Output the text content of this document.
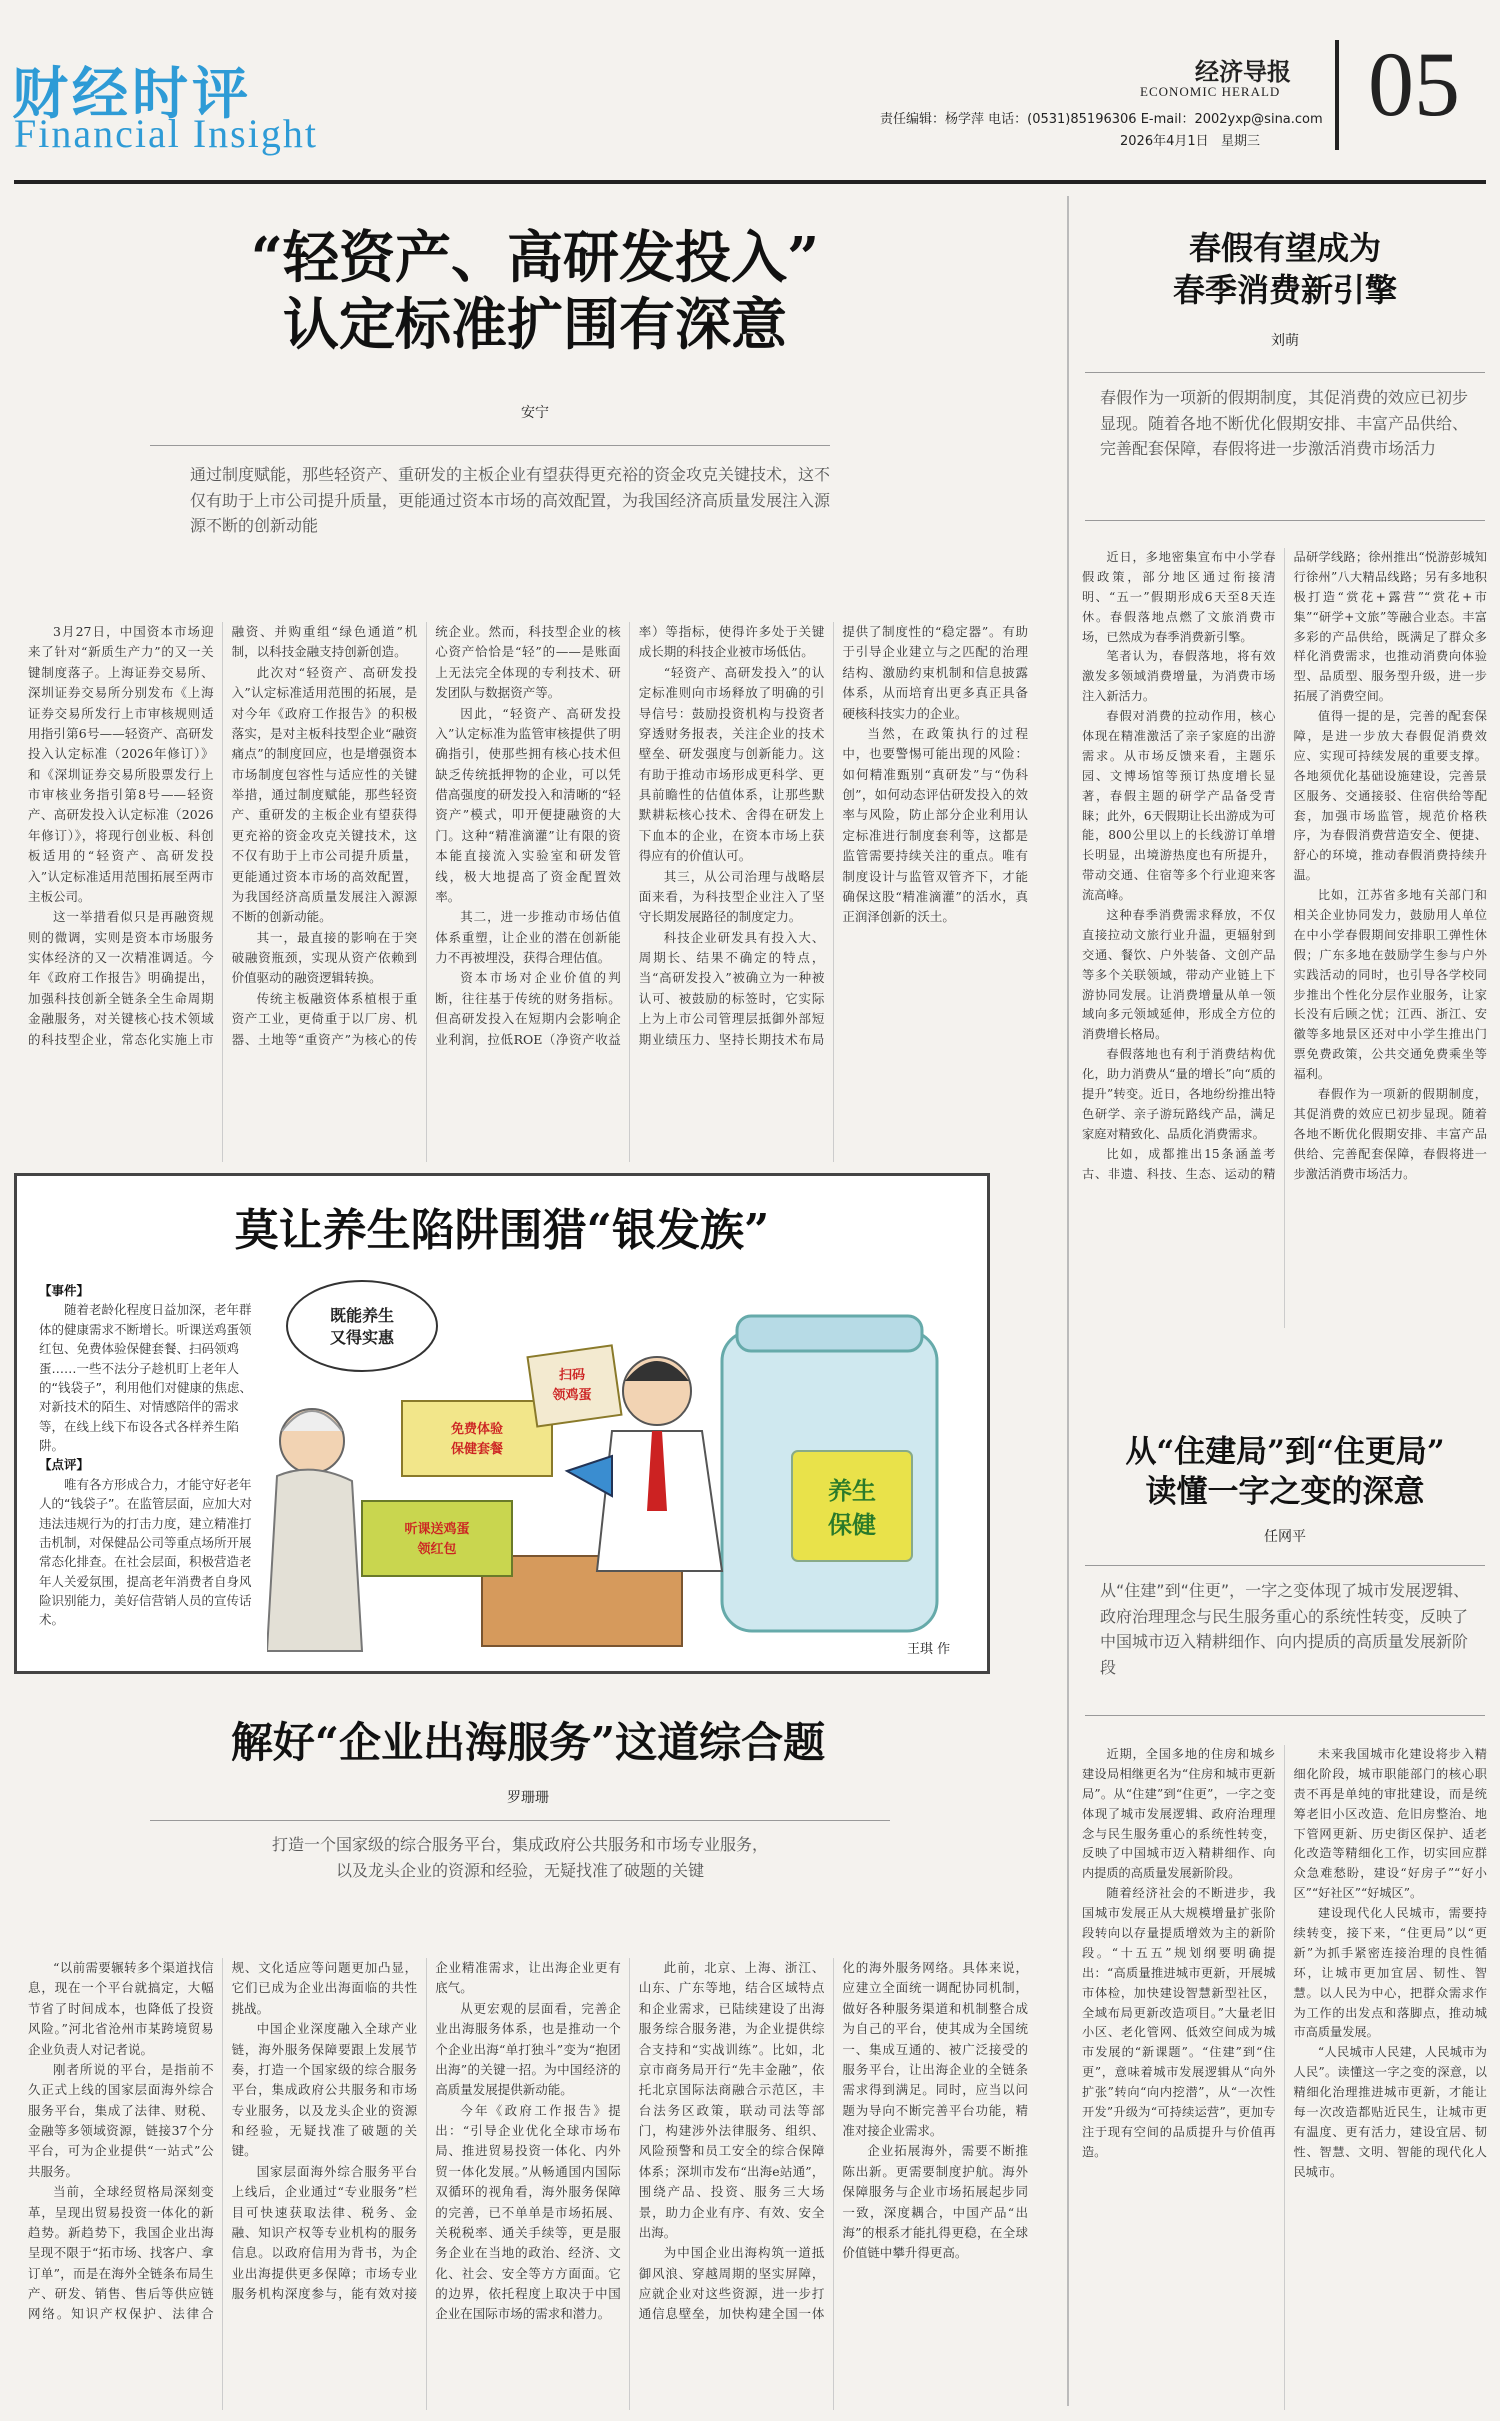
财经时评
Financial Insight
经济导报
ECONOMIC HERALD
责任编辑：杨学萍 电话：(0531)85196306 E-mail：2002yxp@sina.com
2026年4月1日 星期三
05
“轻资产、高研发投入”
认定标准扩围有深意
安宁
通过制度赋能，那些轻资产、重研发的主板企业有望获得更充裕的资金攻克关键技术，这不仅有助于上市公司提升质量，更能通过资本市场的高效配置，为我国经济高质量发展注入源源不断的创新动能

3月27日，中国资本市场迎来了针对“新质生产力”的又一关键制度落子。上海证券交易所、深圳证券交易所分别发布《上海证券交易所发行上市审核规则适用指引第6号——轻资产、高研发投入认定标准（2026年修订）》和《深圳证券交易所股票发行上市审核业务指引第8号——轻资产、高研发投入认定标准（2026年修订）》，将现行创业板、科创板适用的“轻资产、高研发投入”认定标准适用范围拓展至两市主板公司。

这一举措看似只是再融资规则的微调，实则是资本市场服务实体经济的又一次精准调适。今年《政府工作报告》明确提出，加强科技创新全链条全生命周期金融服务，对关键核心技术领域的科技型企业，常态化实施上市融资、并购重组“绿色通道”机制，以科技金融支持创新创造。

此次对“轻资产、高研发投入”认定标准适用范围的拓展，是对今年《政府工作报告》的积极落实，是对主板科技型企业“融资痛点”的制度回应，也是增强资本市场制度包容性与适应性的关键举措，通过制度赋能，那些轻资产、重研发的主板企业有望获得更充裕的资金攻克关键技术，这不仅有助于上市公司提升质量，更能通过资本市场的高效配置，为我国经济高质量发展注入源源不断的创新动能。

其一，最直接的影响在于突破融资瓶颈，实现从资产依赖到价值驱动的融资逻辑转换。

传统主板融资体系植根于重资产工业，更倚重于以厂房、机器、土地等“重资产”为核心的传统企业。然而，科技型企业的核心资产恰恰是“轻”的——是账面上无法完全体现的专利技术、研发团队与数据资产等。

因此，“轻资产、高研发投入”认定标准为监管审核提供了明确指引，使那些拥有核心技术但缺乏传统抵押物的企业，可以凭借高强度的研发投入和清晰的“轻资产”模式，叩开便捷融资的大门。这种“精准滴灌”让有限的资本能直接流入实验室和研发管线，极大地提高了资金配置效率。

其二，进一步推动市场估值体系重塑，让企业的潜在创新能力不再被埋没，获得合理估值。

资本市场对企业价值的判断，往往基于传统的财务指标。但高研发投入在短期内会影响企业利润，拉低ROE（净资产收益率）等指标，使得许多处于关键成长期的科技企业被市场低估。

“轻资产、高研发投入”的认定标准则向市场释放了明确的引导信号：鼓励投资机构与投资者穿透财务报表，关注企业的技术壁垒、研发强度与创新能力。这有助于推动市场形成更科学、更具前瞻性的估值体系，让那些默默耕耘核心技术、舍得在研发上下血本的企业，在资本市场上获得应有的价值认可。

其三，从公司治理与战略层面来看，为科技型企业注入了坚守长期发展路径的制度定力。

科技企业研发具有投入大、周期长、结果不确定的特点，当“高研发投入”被确立为一种被认可、被鼓励的标签时，它实际上为上市公司管理层抵御外部短期业绩压力、坚持长期技术布局提供了制度性的“稳定器”。有助于引导企业建立与之匹配的治理结构、激励约束机制和信息披露体系，从而培育出更多真正具备硬核科技实力的企业。

当然，在政策执行的过程中，也要警惕可能出现的风险：如何精准甄别“真研发”与“伪科创”，如何动态评估研发投入的效率与风险，防止部分企业利用认定标准进行制度套利等，这都是监管需要持续关注的重点。唯有制度设计与监管双管齐下，才能确保这股“精准滴灌”的活水，真正润泽创新的沃土。

春假有望成为
春季消费新引擎
刘萌
春假作为一项新的假期制度，其促消费的效应已初步显现。随着各地不断优化假期安排、丰富产品供给、完善配套保障，春假将进一步激活消费市场活力

近日，多地密集宣布中小学春假政策，部分地区通过衔接清明、“五一”假期形成6天至8天连休。春假落地点燃了文旅消费市场，已然成为春季消费新引擎。

笔者认为，春假落地，将有效激发多领域消费增量，为消费市场注入新活力。

春假对消费的拉动作用，核心体现在精准激活了亲子家庭的出游需求。从市场反馈来看，主题乐园、文博场馆等预订热度增长显著，春假主题的研学产品备受青睐；此外，6天假期让长出游成为可能，800公里以上的长线游订单增长明显，出境游热度也有所提升，带动交通、住宿等多个行业迎来客流高峰。

这种春季消费需求释放，不仅直接拉动文旅行业升温，更辐射到交通、餐饮、户外装备、文创产品等多个关联领域，带动产业链上下游协同发展。让消费增量从单一领域向多元领域延伸，形成全方位的消费增长格局。

春假落地也有利于消费结构优化，助力消费从“量的增长”向“质的提升”转变。近日，各地纷纷推出特色研学、亲子游玩路线产品，满足家庭对精致化、品质化消费需求。

比如，成都推出15条涵盖考古、非遗、科技、生态、运动的精品研学线路；徐州推出“悦游彭城知行徐州”八大精品线路；另有多地积极打造“赏花+露营”“赏花+市集”“研学+文旅”等融合业态。丰富多彩的产品供给，既满足了群众多样化消费需求，也推动消费向体验型、品质型、服务型升级，进一步拓展了消费空间。

值得一提的是，完善的配套保障，是进一步放大春假促消费效应、实现可持续发展的重要支撑。各地须优化基础设施建设，完善景区服务、交通接驳、住宿供给等配套，加强市场监管，规范价格秩序，为春假消费营造安全、便捷、舒心的环境，推动春假消费持续升温。

比如，江苏省多地有关部门和相关企业协同发力，鼓励用人单位在中小学春假期间安排职工弹性休假；广东多地在鼓励学生参与户外实践活动的同时，也引导各学校同步推出个性化分层作业服务，让家长没有后顾之忧；江西、浙江、安徽等多地景区还对中小学生推出门票免费政策，公共交通免费乘坐等福利。

春假作为一项新的假期制度，其促消费的效应已初步显现。随着各地不断优化假期安排、丰富产品供给、完善配套保障，春假将进一步激活消费市场活力。

莫让养生陷阱围猎“银发族”
【事件】

随着老龄化程度日益加深，老年群体的健康需求不断增长。听课送鸡蛋领红包、免费体验保健套餐、扫码领鸡蛋……一些不法分子趁机盯上老年人的“钱袋子”，利用他们对健康的焦虑、对新技术的陌生、对情感陪伴的需求等，在线上线下布设各式各样养生陷阱。

【点评】

唯有各方形成合力，才能守好老年人的“钱袋子”。在监管层面，应加大对违法违规行为的打击力度，建立精准打击机制，对保健品公司等重点场所开展常态化排查。在社会层面，积极营造老年人关爱氛围，提高老年消费者自身风险识别能力，美好信营销人员的宣传话术。

养生
保健
听课送鸡蛋
领红包
免费体验
保健套餐
扫码
领鸡蛋
既能养生
又得实惠
王琪 作
从“住建局”到“住更局”
读懂一字之变的深意
任网平
从“住建”到“住更”，一字之变体现了城市发展逻辑、政府治理理念与民生服务重心的系统性转变，反映了中国城市迈入精耕细作、向内提质的高质量发展新阶段

近期，全国多地的住房和城乡建设局相继更名为“住房和城市更新局”。从“住建”到“住更”，一字之变体现了城市发展逻辑、政府治理理念与民生服务重心的系统性转变，反映了中国城市迈入精耕细作、向内提质的高质量发展新阶段。

随着经济社会的不断进步，我国城市发展正从大规模增量扩张阶段转向以存量提质增效为主的新阶段。“十五五”规划纲要明确提出：“高质量推进城市更新，开展城市体检，加快建设智慧新型社区，全域布局更新改造项目。”大量老旧小区、老化管网、低效空间成为城市发展的“新课题”。“住建”到“住更”，意味着城市发展逻辑从“向外扩张”转向“向内挖潜”，从“一次性开发”升级为“可持续运营”，更加专注于现有空间的品质提升与价值再造。

未来我国城市化建设将步入精细化阶段，城市职能部门的核心职责不再是单纯的审批建设，而是统筹老旧小区改造、危旧房整治、地下管网更新、历史街区保护、适老化改造等精细化工作，切实回应群众急难愁盼，建设“好房子”“好小区”“好社区”“好城区”。

建设现代化人民城市，需要持续转变，接下来，“住更局”以“更新”为抓手紧密连接治理的良性循环，让城市更加宜居、韧性、智慧。以人民为中心，把群众需求作为工作的出发点和落脚点，推动城市高质量发展。

“人民城市人民建，人民城市为人民”。读懂这一字之变的深意，以精细化治理推进城市更新，才能让每一次改造都贴近民生，让城市更有温度、更有活力，建设宜居、韧性、智慧、文明、智能的现代化人民城市。

解好“企业出海服务”这道综合题
罗珊珊
打造一个国家级的综合服务平台，集成政府公共服务和市场专业服务，
以及龙头企业的资源和经验，无疑找准了破题的关键

“以前需要辗转多个渠道找信息，现在一个平台就搞定，大幅节省了时间成本，也降低了投资风险。”河北省沧州市某跨境贸易企业负责人对记者说。

刚者所说的平台，是指前不久正式上线的国家层面海外综合服务平台，集成了法律、财税、金融等多领域资源，链接37个分平台，可为企业提供“一站式”公共服务。

当前，全球经贸格局深刻变革，呈现出贸易投资一体化的新趋势。新趋势下，我国企业出海呈现不限于“拓市场、找客户、拿订单”，而是在海外全链条布局生产、研发、销售、售后等供应链网络。知识产权保护、法律合规、文化适应等问题更加凸显，它们已成为企业出海面临的共性挑战。

中国企业深度融入全球产业链，海外服务保障要跟上发展节奏，打造一个国家级的综合服务平台，集成政府公共服务和市场专业服务，以及龙头企业的资源和经验，无疑找准了破题的关键。

国家层面海外综合服务平台上线后，企业通过“专业服务”栏目可快速获取法律、税务、金融、知识产权等专业机构的服务信息。以政府信用为背书，为企业出海提供更多保障；市场专业服务机构深度参与，能有效对接企业精准需求，让出海企业更有底气。

从更宏观的层面看，完善企业出海服务体系，也是推动一个个企业出海“单打独斗”变为“抱团出海”的关键一招。为中国经济的高质量发展提供新动能。

今年《政府工作报告》提出：“引导企业优化全球市场布局、推进贸易投资一体化、内外贸一体化发展。”从畅通国内国际双循环的视角看，海外服务保障的完善，已不单单是市场拓展、关税税率、通关手续等，更是服务企业在当地的政治、经济、文化、社会、安全等方方面面。它的边界，依托程度上取决于中国企业在国际市场的需求和潜力。

此前，北京、上海、浙江、山东、广东等地，结合区域特点和企业需求，已陆续建设了出海服务综合服务港，为企业提供综合支持和“实战训练”。比如，北京市商务局开行“先丰金融”，依托北京国际法商融合示范区，丰台法务区政策，联动司法等部门，构建涉外法律服务、组织、风险预警和员工安全的综合保障体系；深圳市发布“出海e站通”，围绕产品、投资、服务三大场景，助力企业有序、有效、安全出海。

为中国企业出海构筑一道抵御风浪、穿越周期的坚实屏障，应就企业对这些资源，进一步打通信息壁垒，加快构建全国一体化的海外服务网络。具体来说，应建立全面统一调配协同机制，做好各种服务渠道和机制整合成为自己的平台，使其成为全国统一、集成互通的、被广泛接受的服务平台，让出海企业的全链条需求得到满足。同时，应当以问题为导向不断完善平台功能，精准对接企业需求。

企业拓展海外，需要不断推陈出新。更需要制度护航。海外保障服务与企业市场拓展起步同一致，深度耦合，中国产品“出海”的根系才能扎得更稳，在全球价值链中攀升得更高。
